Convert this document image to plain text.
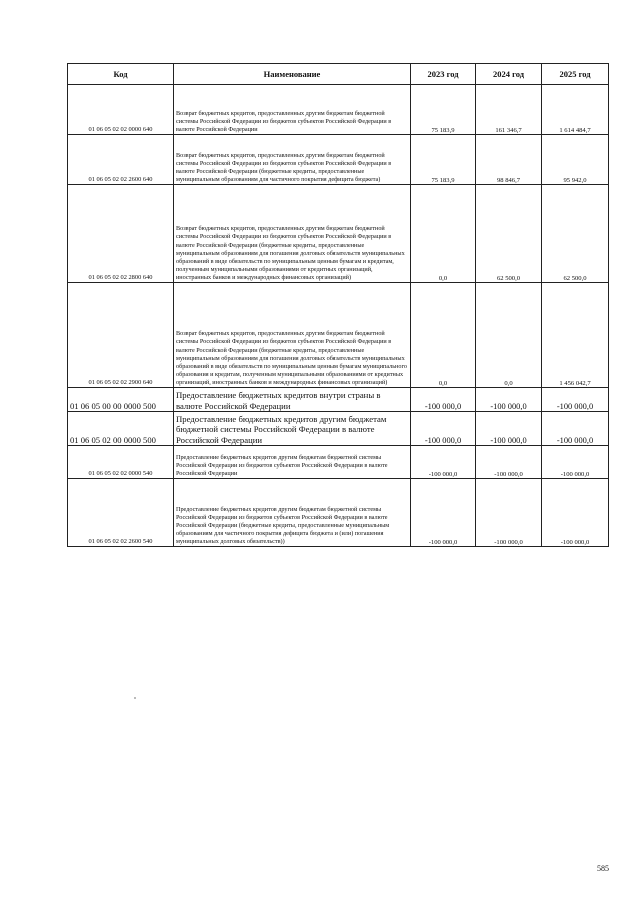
Код	Наименование	2023 год	2024 год	2025 год
01 06 05 02 02 0000 640	Возврат бюджетных кредитов, предоставленных другим бюджетам бюджетной системы Российской Федерации из бюджетов субъектов Российской Федерации в валюте Российской Федерации	75 183,9	161 346,7	1 614 484,7
01 06 05 02 02 2600 640	Возврат бюджетных кредитов, предоставленных другим бюджетам бюджетной системы Российской Федерации из бюджетов субъектов Российской Федерации в валюте Российской Федерации (бюджетные кредиты, предоставленные муниципальным образованиям для частичного покрытия дефицита бюджета)	75 183,9	98 846,7	95 942,0
01 06 05 02 02 2800 640	Возврат бюджетных кредитов, предоставленных другим бюджетам бюджетной системы Российской Федерации из бюджетов субъектов Российской Федерации в валюте Российской Федерации (бюджетные кредиты, предоставленные муниципальным образованиям для погашения долговых обязательств муниципальных образований в виде обязательств по муниципальным ценным бумагам и кредитам, полученным муниципальными образованиями от кредитных организаций, иностранных банков и международных финансовых организаций)	0,0	62 500,0	62 500,0
01 06 05 02 02 2900 640	Возврат бюджетных кредитов, предоставленных другим бюджетам бюджетной системы Российской Федерации из бюджетов субъектов Российской Федерации в валюте Российской Федерации (бюджетные кредиты, предоставленные муниципальным образованиям для погашения долговых обязательств муниципальных образований в виде обязательств по муниципальным ценным бумагам муниципального образования и кредитам, полученным муниципальными образованиями от кредитных организаций, иностранных банков и международных финансовых организаций)	0,0	0,0	1 456 042,7
01 06 05 00 00 0000 500	Предоставление бюджетных кредитов внутри страны в валюте Российской Федерации	-100 000,0	-100 000,0	-100 000,0
01 06 05 02 00 0000 500	Предоставление бюджетных кредитов другим бюджетам бюджетной системы Российской Федерации в валюте Российской Федерации	-100 000,0	-100 000,0	-100 000,0
01 06 05 02 02 0000 540	Предоставление бюджетных кредитов другим бюджетам бюджетной системы Российской Федерации из бюджетов субъектов Российской Федерации в валюте Российской Федерации	-100 000,0	-100 000,0	-100 000,0
01 06 05 02 02 2600 540	Предоставление бюджетных кредитов другим бюджетам бюджетной системы Российской Федерации из бюджетов субъектов Российской Федерации в валюте Российской Федерации (бюджетные кредиты, предоставленные муниципальным образованиям для частичного покрытия дефицита бюджета и (или) погашения муниципальных долговых обязательств))	-100 000,0	-100 000,0	-100 000,0
585
